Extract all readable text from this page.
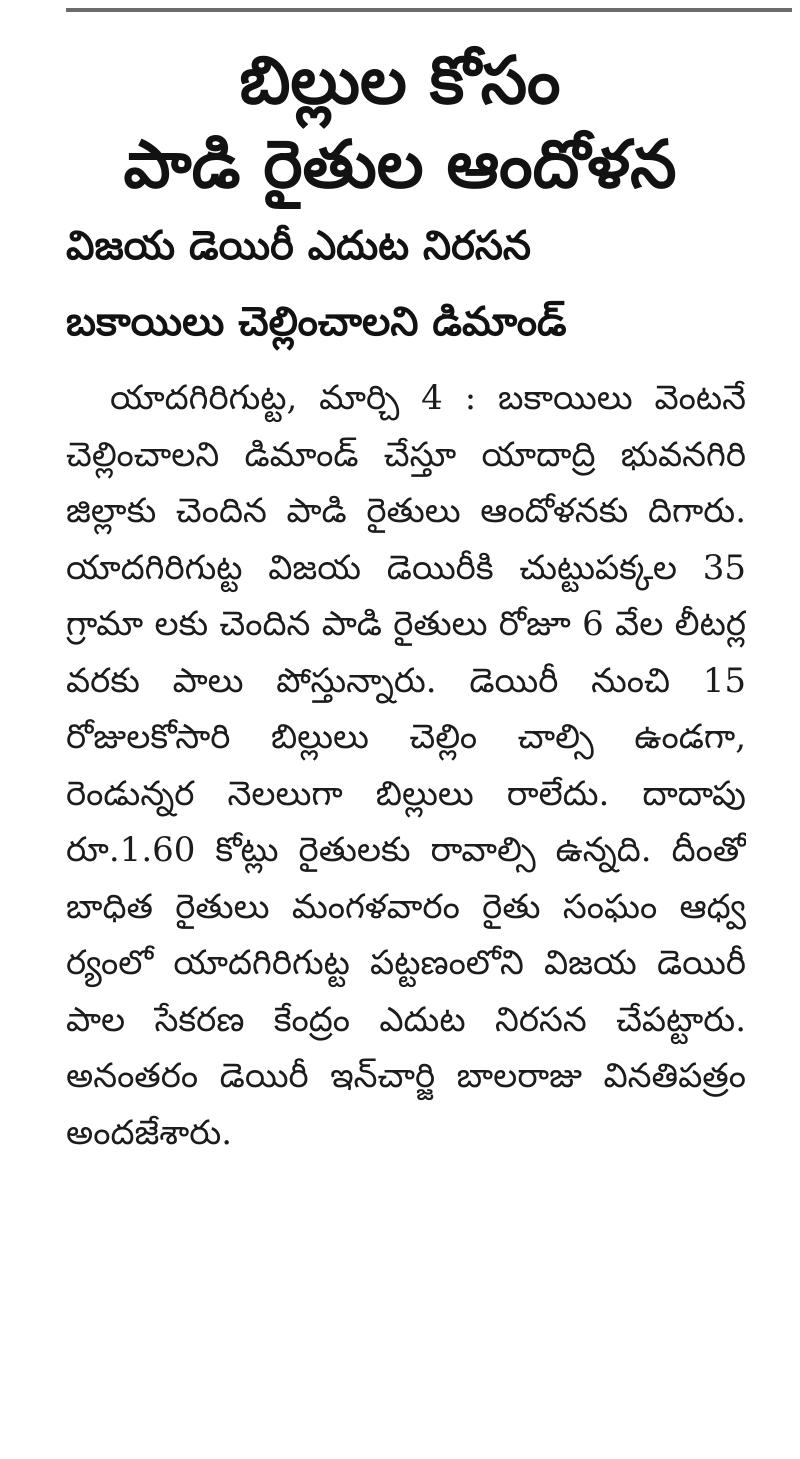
బిల్లుల కోసం
పాడి రైతుల ఆందోళన
విజయ డెయిరీ ఎదుట నిరసన
బకాయిలు చెల్లించాలని డిమాండ్‌

యాదగిరిగుట్ట, మార్చి 4 : బకాయిలు వెంటనే చెల్లించాలని డిమాండ్‌ చేస్తూ యాదాద్రి భువనగిరి జిల్లాకు చెందిన పాడి రైతులు ఆందోళనకు దిగారు. యాదగిరిగుట్ట విజయ డెయిరీకి చుట్టుపక్కల 35 గ్రామా లకు చెందిన పాడి రైతులు రోజూ 6 వేల లీటర్ల వరకు పాలు పోస్తున్నారు. డెయిరీ నుంచి 15 రోజులకోసారి బిల్లులు చెల్లిం చాల్సి ఉండగా, రెండున్నర నెలలుగా బిల్లులు రాలేదు. దాదాపు రూ.1.60 కోట్లు రైతులకు రావాల్సి ఉన్నది. దీంతో బాధిత రైతులు మంగళవారం రైతు సంఘం ఆధ్వ ర్యంలో యాదగిరిగుట్ట పట్టణంలోని విజయ డెయిరీ పాల సేకరణ కేంద్రం ఎదుట నిరసన చేపట్టారు. అనంతరం డెయిరీ ఇన్‌చార్జి బాలరాజు వినతిపత్రం అందజేశారు.
